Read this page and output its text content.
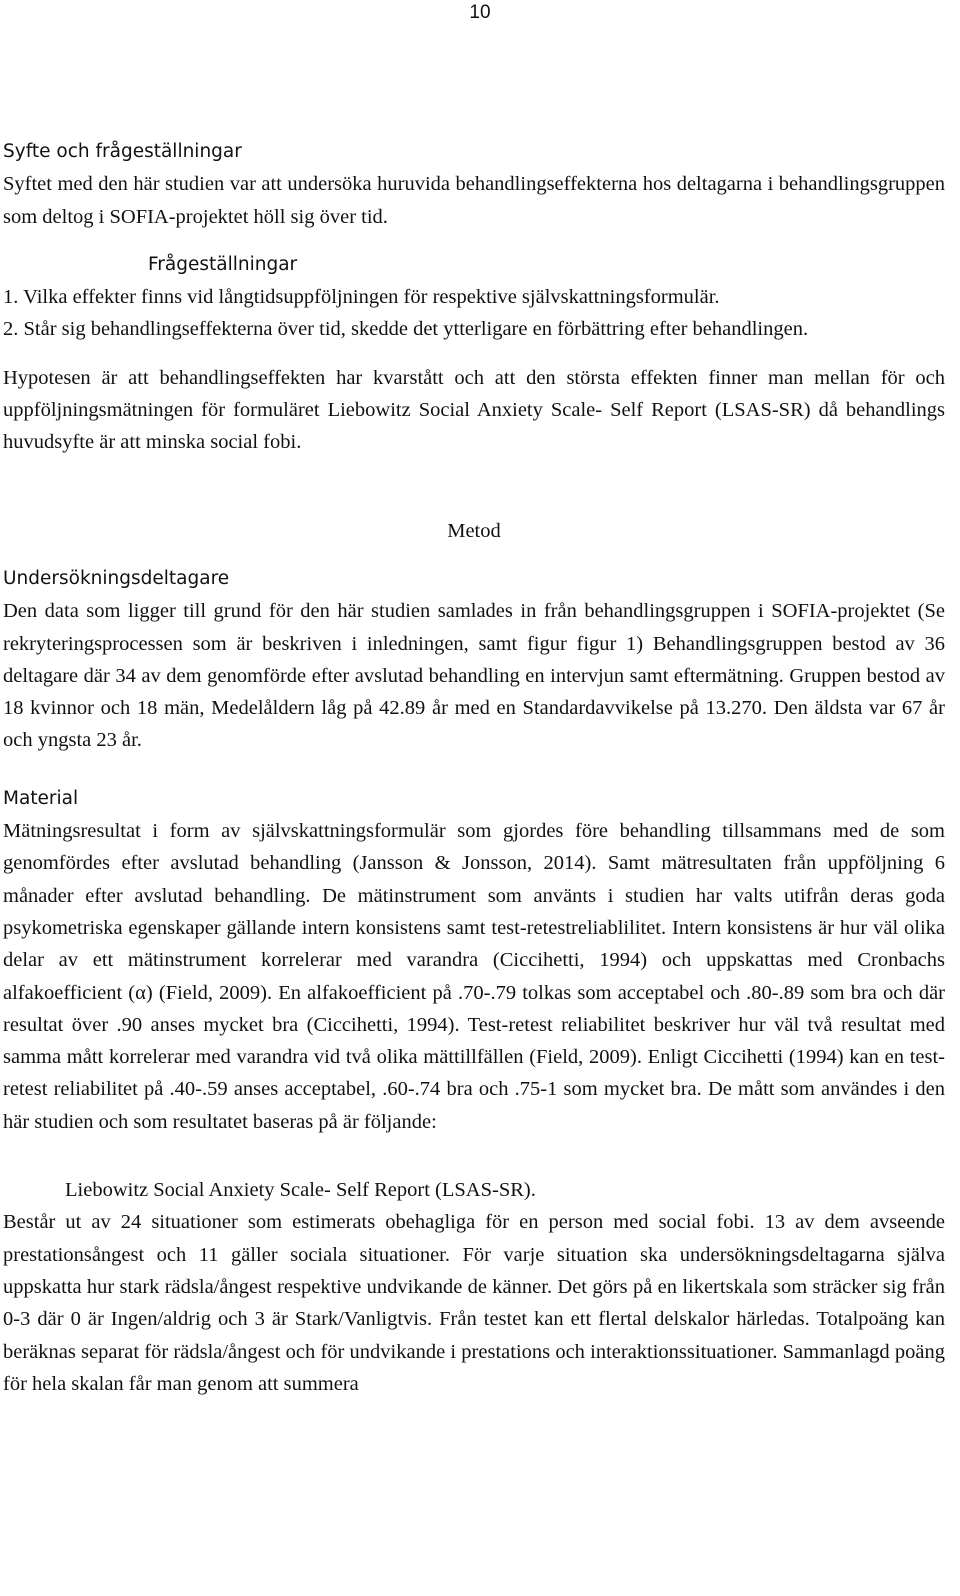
10

Syfte och frågeställningar

Syftet med den här studien var att undersöka huruvida behandlingseffekterna hos deltagarna i behandlingsgruppen som deltog i SOFIA-projektet höll sig över tid.

Frågeställningar

1. Vilka effekter finns vid långtidsuppföljningen för respektive självskattningsformulär.

2. Står sig behandlingseffekterna över tid, skedde det ytterligare en förbättring efter behandlingen.

Hypotesen är att behandlingseffekten har kvarstått och att den största effekten finner man mellan för och uppföljningsmätningen för formuläret Liebowitz Social Anxiety Scale- Self Report (LSAS-SR) då behandlings huvudsyfte är att minska social fobi.

Metod

Undersökningsdeltagare

Den data som ligger till grund för den här studien samlades in från behandlingsgruppen i SOFIA-projektet (Se rekryteringsprocessen som är beskriven i inledningen, samt figur figur 1) Behandlingsgruppen bestod av 36 deltagare där 34 av dem genomförde efter avslutad behandling en intervjun samt eftermätning. Gruppen bestod av 18 kvinnor och 18 män, Medelåldern låg på 42.89 år med en Standardavvikelse på 13.270. Den äldsta var 67 år och yngsta 23 år.

Material

Mätningsresultat i form av självskattningsformulär som gjordes före behandling tillsammans med de som genomfördes efter avslutad behandling (Jansson & Jonsson, 2014). Samt mätresultaten från uppföljning 6 månader efter avslutad behandling. De mätinstrument som använts i studien har valts utifrån deras goda psykometriska egenskaper gällande intern konsistens samt test-retestreliablilitet. Intern konsistens är hur väl olika delar av ett mätinstrument korrelerar med varandra (Ciccihetti, 1994) och uppskattas med Cronbachs alfakoefficient (α) (Field, 2009). En alfakoefficient på .70-.79 tolkas som acceptabel och .80-.89 som bra och där resultat över .90 anses mycket bra (Ciccihetti, 1994). Test-retest reliabilitet beskriver hur väl två resultat med samma mått korrelerar med varandra vid två olika mättillfällen (Field, 2009). Enligt Ciccihetti (1994) kan en test-retest reliabilitet på .40-.59 anses acceptabel, .60-.74 bra och .75-1 som mycket bra. De mått som användes i den här studien och som resultatet baseras på är följande:

Liebowitz Social Anxiety Scale- Self Report (LSAS-SR).

Består ut av 24 situationer som estimerats obehagliga för en person med social fobi. 13 av dem avseende prestationsångest och 11 gäller sociala situationer. För varje situation ska undersökningsdeltagarna själva uppskatta hur stark rädsla/ångest respektive undvikande de känner. Det görs på en likertskala som sträcker sig från 0-3 där 0 är Ingen/aldrig och 3 är Stark/Vanligtvis. Från testet kan ett flertal delskalor härledas. Totalpoäng kan beräknas separat för rädsla/ångest och för undvikande i prestations och interaktionssituationer. Sammanlagd poäng för hela skalan får man genom att summera
